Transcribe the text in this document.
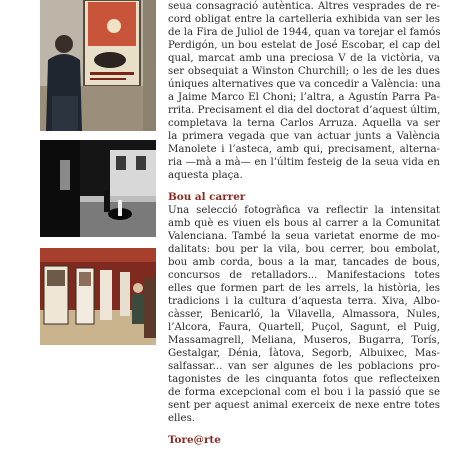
seua consagració autèntica. Altres vesprades de re-
cord obligat entre la cartelleria exhibida van ser les
de la Fira de Juliol de 1944, quan va torejar el famós
Perdigón, un bou estelat de José Escobar, el cap del
qual, marcat amb una preciosa V de la victòria, va
ser obsequiat a Winston Churchill; o les de les dues
úniques alternatives que va concedir a València: una
a Jaime Marco El Choni; l’altra, a Agustín Parra Pa-
rrita. Precisament el dia del doctorat d’aquest últim,
completava la terna Carlos Arruza. Aquella va ser
la primera vegada que van actuar junts a València
Manolete i l’asteca, amb qui, precisament, alterna-
ria —mà a mà— en l’últim festeig de la seua vida en
aquesta plaça.

Bou al carrer

Una selecció fotogràfica va reflectir la intensitat
amb què es viuen els bous al carrer a la Comunitat
Valenciana. També la seua varietat enorme de mo-
dalitats: bou per la vila, bou cerrer, bou embolat,
bou amb corda, bous a la mar, tancades de bous,
concursos de retalladors... Manifestacions totes
elles que formen part de les arrels, la història, les
tradicions i la cultura d’aquesta terra. Xiva, Albo-
càsser, Benicarló, la Vilavella, Almassora, Nules,
l’Alcora, Faura, Quartell, Puçol, Sagunt, el Puig,
Massamagrell, Meliana, Museros, Bugarra, Torís,
Gestalgar, Dénia, Íàtova, Segorb, Albuixec, Mas-
salfassar... van ser algunes de les poblacions pro-
tagonistes de les cinquanta fotos que reflecteixen
de forma excepcional com el bou i la passió que se
sent per aquest animal exerceix de nexe entre totes
elles.

Tore@rte
